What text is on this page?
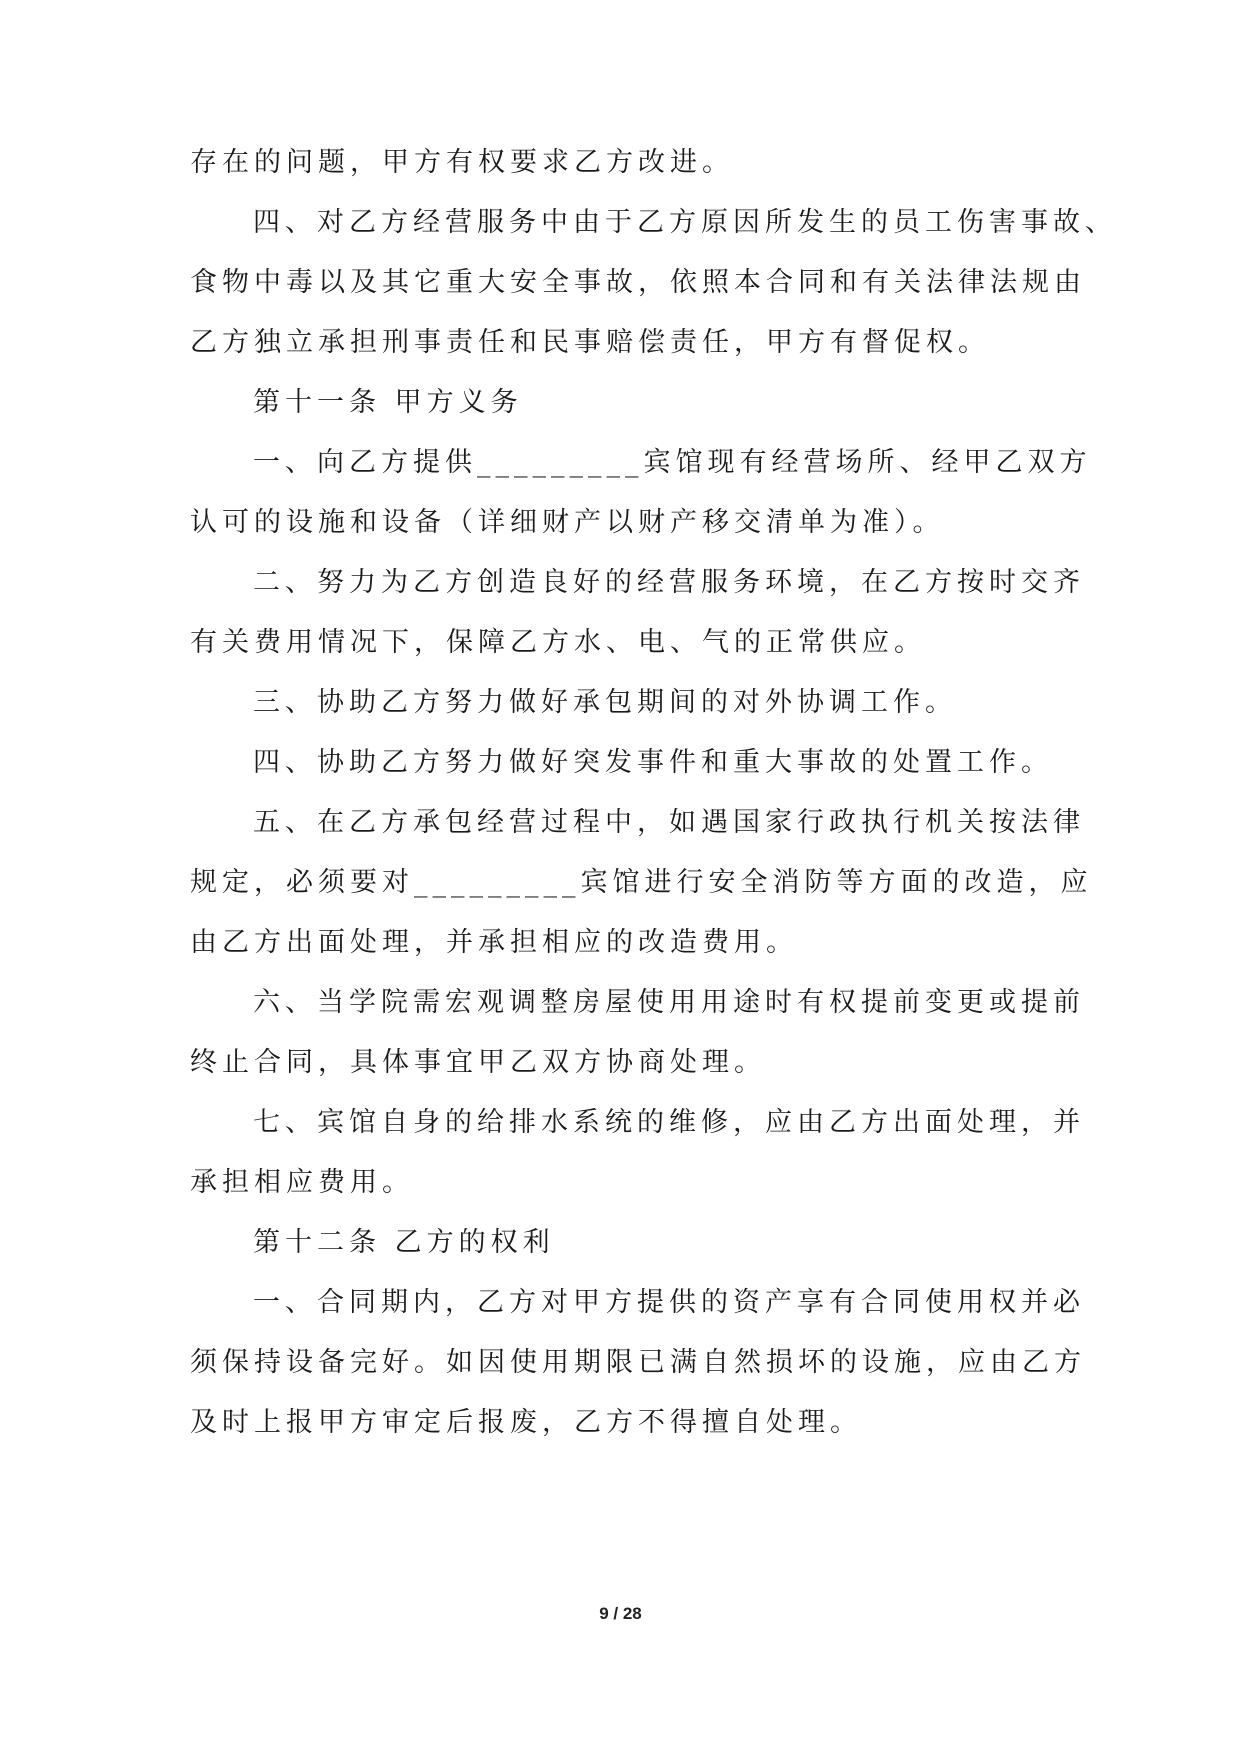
存在的问题，甲方有权要求乙方改进。
四、对乙方经营服务中由于乙方原因所发生的员工伤害事故、
食物中毒以及其它重大安全事故，依照本合同和有关法律法规由
乙方独立承担刑事责任和民事赔偿责任，甲方有督促权。
第十一条 甲方义务
一、向乙方提供_________宾馆现有经营场所、经甲乙双方
认可的设施和设备（详细财产以财产移交清单为准）。
二、努力为乙方创造良好的经营服务环境，在乙方按时交齐
有关费用情况下，保障乙方水、电、气的正常供应。
三、协助乙方努力做好承包期间的对外协调工作。
四、协助乙方努力做好突发事件和重大事故的处置工作。
五、在乙方承包经营过程中，如遇国家行政执行机关按法律
规定，必须要对_________宾馆进行安全消防等方面的改造，应
由乙方出面处理，并承担相应的改造费用。
六、当学院需宏观调整房屋使用用途时有权提前变更或提前
终止合同，具体事宜甲乙双方协商处理。
七、宾馆自身的给排水系统的维修，应由乙方出面处理，并
承担相应费用。
第十二条 乙方的权利
一、合同期内，乙方对甲方提供的资产享有合同使用权并必
须保持设备完好。如因使用期限已满自然损坏的设施，应由乙方
及时上报甲方审定后报废，乙方不得擅自处理。
9 / 28
